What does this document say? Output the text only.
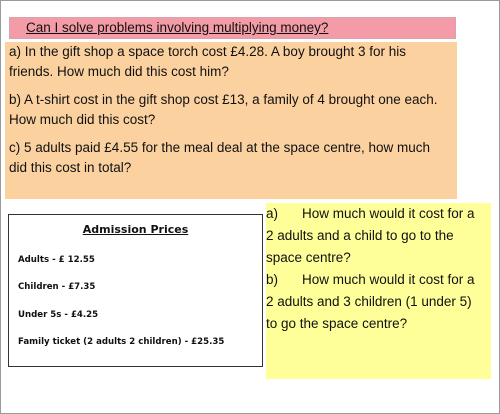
Can I solve problems involving multiplying money?

a) In the gift shop a space torch cost £4.28. A boy brought 3 for his friends. How much did this cost him?

b) A t-shirt cost in the gift shop cost £13, a family of 4 brought one each. How much did this cost?

c) 5 adults paid £4.55 for the meal deal at the space centre, how much did this cost in total?

Admission Prices
Adults - £ 12.55
Children - £7.35
Under 5s - £4.25
Family ticket (2 adults 2 children) - £25.35

a) How much would it cost for a 2 adults and a child to go to the space centre?

b) How much would it cost for a 2 adults and 3 children (1 under 5) to go the space centre?
